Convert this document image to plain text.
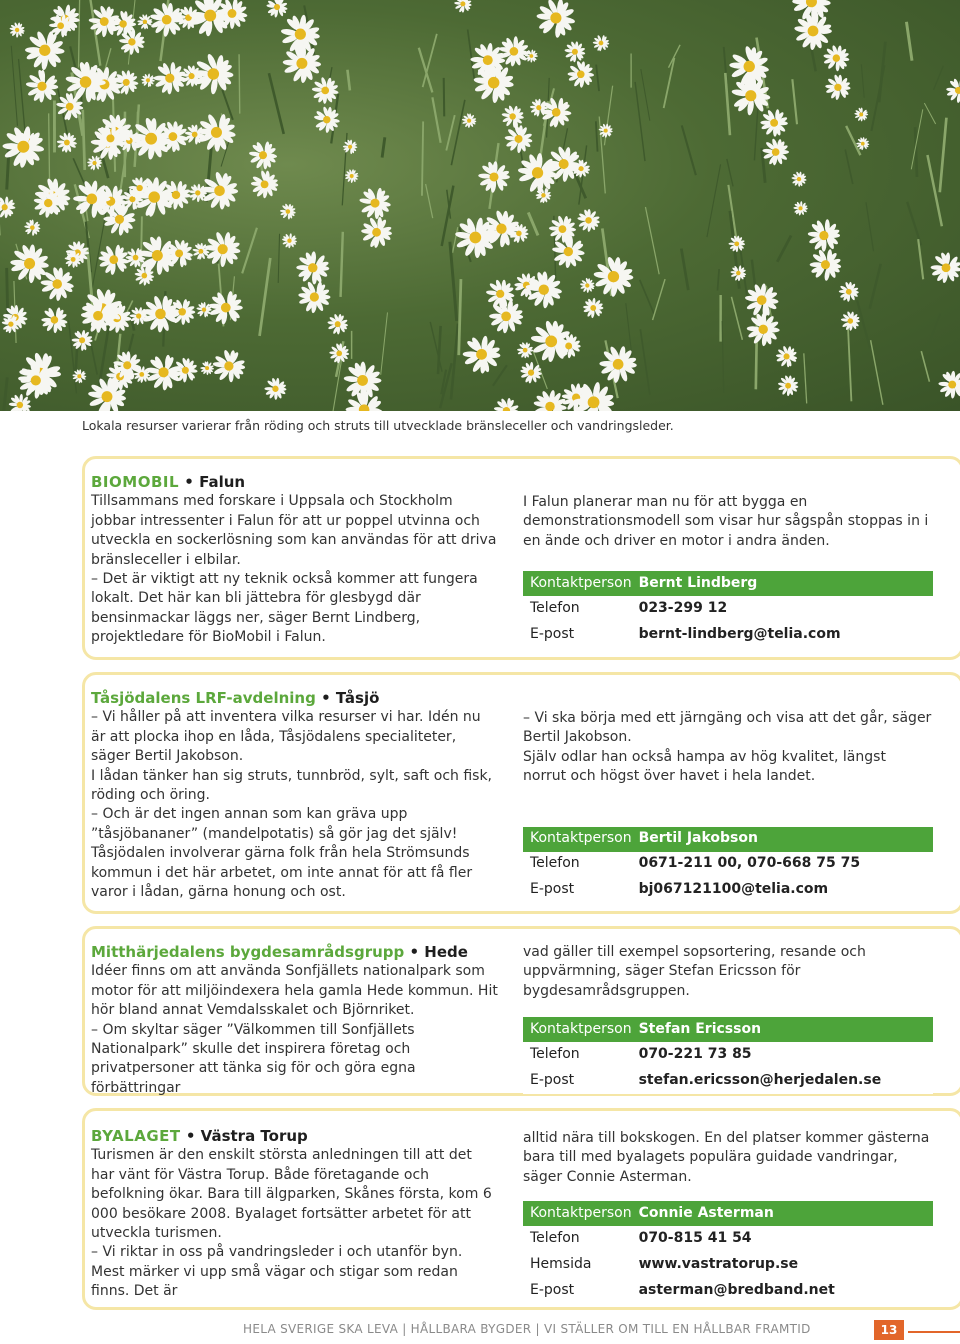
Lokala resurser varierar från röding och struts till utvecklade bränsleceller och vandringsleder.
BIOMOBIL • Falun

Tillsammans med forskare i Uppsala och Stockholm jobbar intressenter i Falun för att ur poppel utvinna och utveckla en sockerlösning som kan användas för att driva bränsleceller i elbilar.

– Det är viktigt att ny teknik också kommer att fungera lokalt. Det här kan bli jättebra för glesbygd där bensinmackar läggs ner, säger Bernt Lindberg, projektledare för BioMobil i Falun.

I Falun planerar man nu för att bygga en demonstrationsmodell som visar hur sågspån stoppas in i en ände och driver en motor i andra änden.

Kontaktperson	Bernt Lindberg
Telefon	023-299 12
E-post	bernt-lindberg@telia.com
Tåsjödalens LRF-avdelning • Tåsjö

– Vi håller på att inventera vilka resurser vi har. Idén nu är att plocka ihop en låda, Tåsjödalens specialiteter, säger Bertil Jakobson.

I lådan tänker han sig struts, tunnbröd, sylt, saft och fisk, röding och öring.

– Och är det ingen annan som kan gräva upp ”tåsjöbananer” (mandelpotatis) så gör jag det själv!

Tåsjödalen involverar gärna folk från hela Strömsunds kommun i det här arbetet, om inte annat för att få fler varor i lådan, gärna honung och ost.

– Vi ska börja med ett järngäng och visa att det går, säger Bertil Jakobson.

Själv odlar han också hampa av hög kvalitet, längst norrut och högst över havet i hela landet.

Kontaktperson	Bertil Jakobson
Telefon	0671-211 00, 070-668 75 75
E-post	bj067121100@telia.com
Mitthärjedalens bygdesamrådsgrupp • Hede

Idéer finns om att använda Sonfjällets nationalpark som motor för att miljöindexera hela gamla Hede kommun. Hit hör bland annat Vemdalsskalet och Björnriket.

– Om skyltar säger ”Välkommen till Sonfjällets Nationalpark” skulle det inspirera företag och privatpersoner att tänka sig för och göra egna förbättringar

vad gäller till exempel sopsortering, resande och uppvärmning, säger Stefan Ericsson för bygdesamrådsgruppen.

Kontaktperson	Stefan Ericsson
Telefon	070-221 73 85
E-post	stefan.ericsson@herjedalen.se
BYALAGET • Västra Torup

Turismen är den enskilt största anledningen till att det har vänt för Västra Torup. Både företagande och befolkning ökar. Bara till älgparken, Skånes första, kom 6 000 besökare 2008. Byalaget fortsätter arbetet för att utveckla turismen.

– Vi riktar in oss på vandringsleder i och utanför byn. Mest märker vi upp små vägar och stigar som redan finns. Det är

alltid nära till bokskogen. En del platser kommer gästerna bara till med byalagets populära guidade vandringar, säger Connie Asterman.

Kontaktperson	Connie Asterman
Telefon	070-815 41 54
Hemsida	www.vastratorup.se
E-post	asterman@bredband.net
HELA SVERIGE SKA LEVA | HÅLLBARA BYGDER | VI STÄLLER OM TILL EN HÅLLBAR FRAMTID	13
